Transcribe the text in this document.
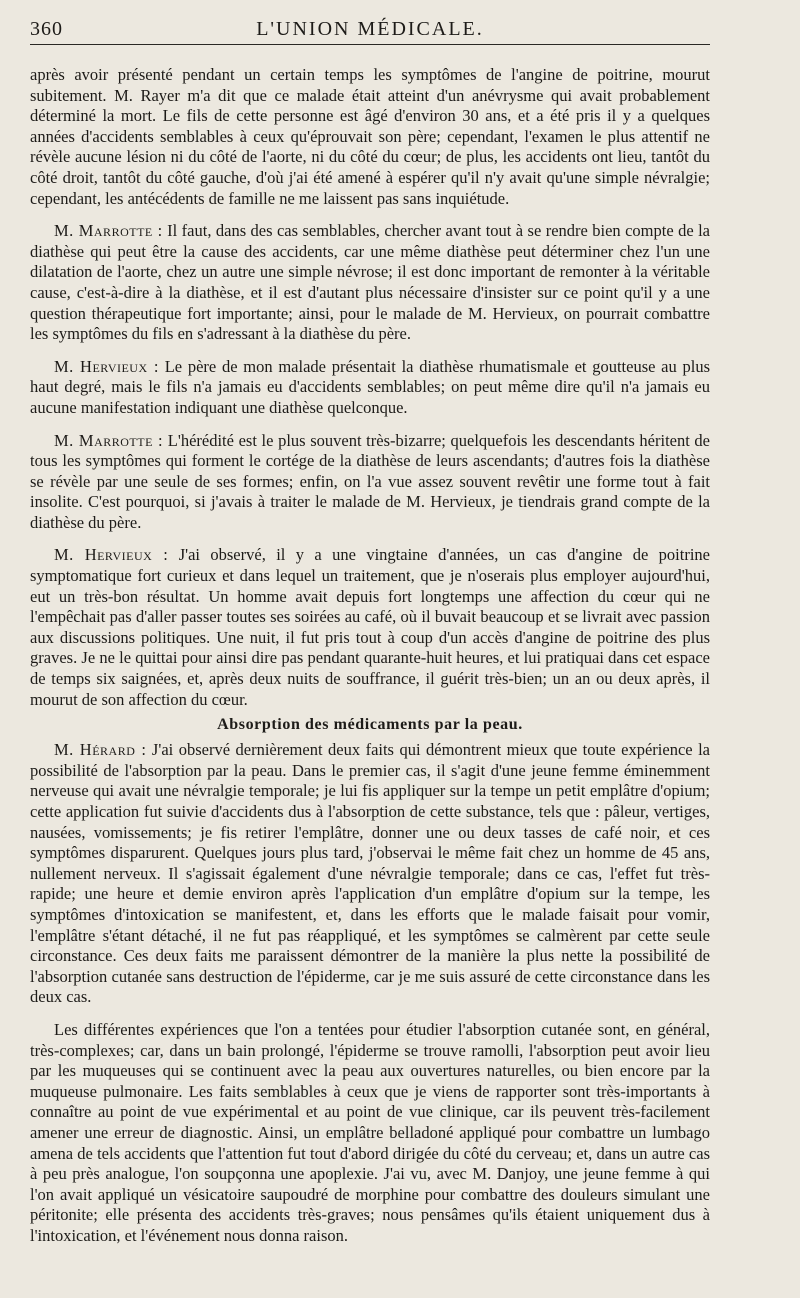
360	L'UNION MÉDICALE.

après avoir présenté pendant un certain temps les symptômes de l'angine de poitrine, mourut subitement. M. Rayer m'a dit que ce malade était atteint d'un anévrysme qui avait probablement déterminé la mort. Le fils de cette personne est âgé d'environ 30 ans, et a été pris il y a quelques années d'accidents semblables à ceux qu'éprouvait son père; cependant, l'examen le plus attentif ne révèle aucune lésion ni du côté de l'aorte, ni du côté du cœur; de plus, les accidents ont lieu, tantôt du côté droit, tantôt du côté gauche, d'où j'ai été amené à espérer qu'il n'y avait qu'une simple névralgie; cependant, les antécédents de famille ne me laissent pas sans inquiétude.

M. Marrotte : Il faut, dans des cas semblables, chercher avant tout à se rendre bien compte de la diathèse qui peut être la cause des accidents, car une même diathèse peut déterminer chez l'un une dilatation de l'aorte, chez un autre une simple névrose; il est donc important de remonter à la véritable cause, c'est-à-dire à la diathèse, et il est d'autant plus nécessaire d'insister sur ce point qu'il y a une question thérapeutique fort importante; ainsi, pour le malade de M. Hervieux, on pourrait combattre les symptômes du fils en s'adressant à la diathèse du père.

M. Hervieux : Le père de mon malade présentait la diathèse rhumatismale et goutteuse au plus haut degré, mais le fils n'a jamais eu d'accidents semblables; on peut même dire qu'il n'a jamais eu aucune manifestation indiquant une diathèse quelconque.

M. Marrotte : L'hérédité est le plus souvent très-bizarre; quelquefois les descendants héritent de tous les symptômes qui forment le cortége de la diathèse de leurs ascendants; d'autres fois la diathèse se révèle par une seule de ses formes; enfin, on l'a vue assez souvent revêtir une forme tout à fait insolite. C'est pourquoi, si j'avais à traiter le malade de M. Hervieux, je tiendrais grand compte de la diathèse du père.

M. Hervieux : J'ai observé, il y a une vingtaine d'années, un cas d'angine de poitrine symptomatique fort curieux et dans lequel un traitement, que je n'oserais plus employer aujourd'hui, eut un très-bon résultat. Un homme avait depuis fort longtemps une affection du cœur qui ne l'empêchait pas d'aller passer toutes ses soirées au café, où il buvait beaucoup et se livrait avec passion aux discussions politiques. Une nuit, il fut pris tout à coup d'un accès d'angine de poitrine des plus graves. Je ne le quittai pour ainsi dire pas pendant quarante-huit heures, et lui pratiquai dans cet espace de temps six saignées, et, après deux nuits de souffrance, il guérit très-bien; un an ou deux après, il mourut de son affection du cœur.

Absorption des médicaments par la peau.

M. Hérard : J'ai observé dernièrement deux faits qui démontrent mieux que toute expérience la possibilité de l'absorption par la peau. Dans le premier cas, il s'agit d'une jeune femme éminemment nerveuse qui avait une névralgie temporale; je lui fis appliquer sur la tempe un petit emplâtre d'opium; cette application fut suivie d'accidents dus à l'absorption de cette substance, tels que : pâleur, vertiges, nausées, vomissements; je fis retirer l'emplâtre, donner une ou deux tasses de café noir, et ces symptômes disparurent. Quelques jours plus tard, j'observai le même fait chez un homme de 45 ans, nullement nerveux. Il s'agissait également d'une névralgie temporale; dans ce cas, l'effet fut très-rapide; une heure et demie environ après l'application d'un emplâtre d'opium sur la tempe, les symptômes d'intoxication se manifestent, et, dans les efforts que le malade faisait pour vomir, l'emplâtre s'étant détaché, il ne fut pas réappliqué, et les symptômes se calmèrent par cette seule circonstance. Ces deux faits me paraissent démontrer de la manière la plus nette la possibilité de l'absorption cutanée sans destruction de l'épiderme, car je me suis assuré de cette circonstance dans les deux cas.

Les différentes expériences que l'on a tentées pour étudier l'absorption cutanée sont, en général, très-complexes; car, dans un bain prolongé, l'épiderme se trouve ramolli, l'absorption peut avoir lieu par les muqueuses qui se continuent avec la peau aux ouvertures naturelles, ou bien encore par la muqueuse pulmonaire. Les faits semblables à ceux que je viens de rapporter sont très-importants à connaître au point de vue expérimental et au point de vue clinique, car ils peuvent très-facilement amener une erreur de diagnostic. Ainsi, un emplâtre belladoné appliqué pour combattre un lumbago amena de tels accidents que l'attention fut tout d'abord dirigée du côté du cerveau; et, dans un autre cas à peu près analogue, l'on soupçonna une apoplexie. J'ai vu, avec M. Danjoy, une jeune femme à qui l'on avait appliqué un vésicatoire saupoudré de morphine pour combattre des douleurs simulant une péritonite; elle présenta des accidents très-graves; nous pensâmes qu'ils étaient uniquement dus à l'intoxication, et l'événement nous donna raison.
